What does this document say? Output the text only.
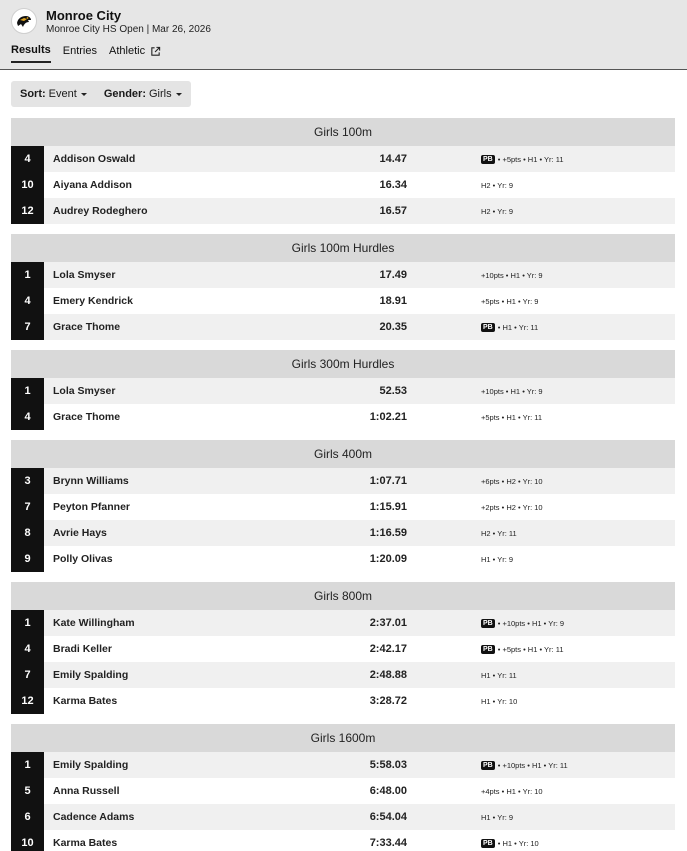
Monroe City
Monroe City HS Open | Mar 26, 2026
Results Entries Athletic
Sort: Event Gender: Girls
Girls 100m
4	Addison Oswald	14.47	PB • +5pts • H1 • Yr: 11
10	Aiyana Addison	16.34	H2 • Yr: 9
12	Audrey Rodeghero	16.57	H2 • Yr: 9
Girls 100m Hurdles
1	Lola Smyser	17.49	+10pts • H1 • Yr: 9
4	Emery Kendrick	18.91	+5pts • H1 • Yr: 9
7	Grace Thome	20.35	PB • H1 • Yr: 11
Girls 300m Hurdles
1	Lola Smyser	52.53	+10pts • H1 • Yr: 9
4	Grace Thome	1:02.21	+5pts • H1 • Yr: 11
Girls 400m
3	Brynn Williams	1:07.71	+6pts • H2 • Yr: 10
7	Peyton Pfanner	1:15.91	+2pts • H2 • Yr: 10
8	Avrie Hays	1:16.59	H2 • Yr: 11
9	Polly Olivas	1:20.09	H1 • Yr: 9
Girls 800m
1	Kate Willingham	2:37.01	PB • +10pts • H1 • Yr: 9
4	Bradi Keller	2:42.17	PB • +5pts • H1 • Yr: 11
7	Emily Spalding	2:48.88	H1 • Yr: 11
12	Karma Bates	3:28.72	H1 • Yr: 10
Girls 1600m
1	Emily Spalding	5:58.03	PB • +10pts • H1 • Yr: 11
5	Anna Russell	6:48.00	+4pts • H1 • Yr: 10
6	Cadence Adams	6:54.04	H1 • Yr: 9
10	Karma Bates	7:33.44	PB • H1 • Yr: 10
